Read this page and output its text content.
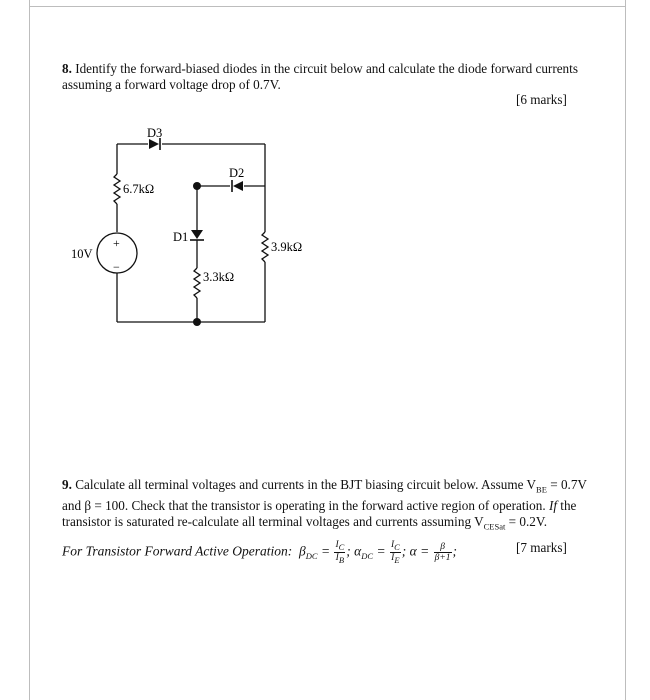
8. Identify the forward-biased diodes in the circuit below and calculate the diode forward currents assuming a forward voltage drop of 0.7V.
[6 marks]
D3
D2
D1
6.7kΩ
3.9kΩ
3.3kΩ
10V
+
−
9. Calculate all terminal voltages and currents in the BJT biasing circuit below. Assume $V_{BE} = 0.7V$ and β = 100. Check that the transistor is operating in the forward active region of operation. If the transistor is saturated re-calculate all terminal voltages and currents assuming $V_{CESat} = 0.2V$.
For Transistor Forward Active Operation: $\beta_{DC} = \frac{I_C}{I_B}$ ; $\alpha_{DC} = \frac{I_C}{I_E}$ ; $\alpha = \frac{\beta}{\beta+1}$ ;	[7 marks]
